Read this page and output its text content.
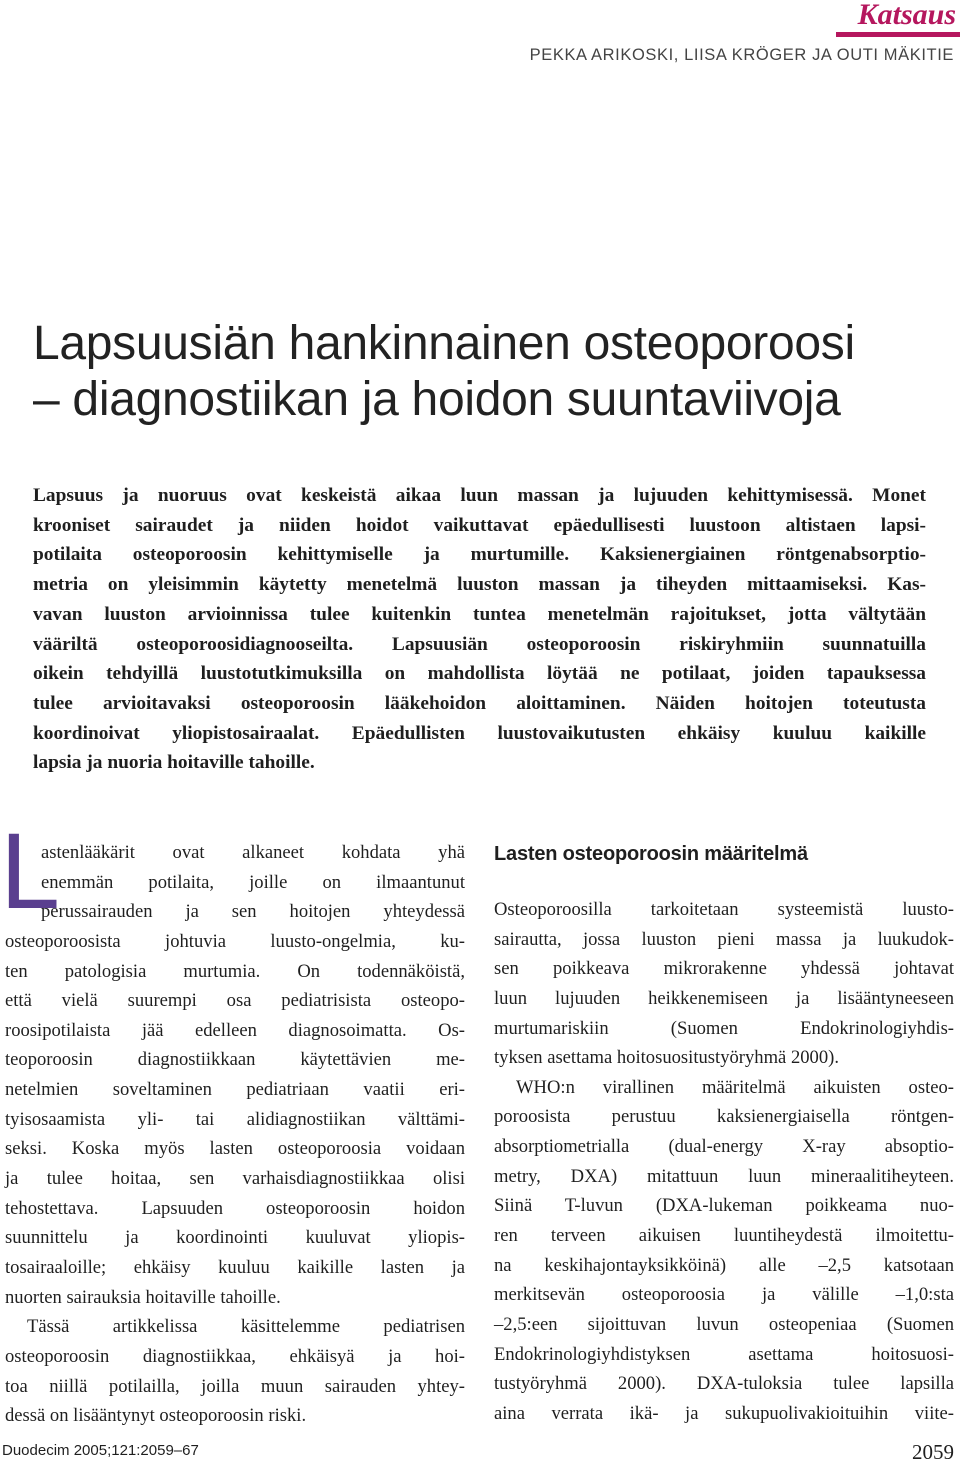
Katsaus
PEKKA ARIKOSKI, LIISA KRÖGER JA OUTI MÄKITIE
Lapsuusiän hankinnainen osteoporoosi
– diagnostiikan ja hoidon suuntaviivoja
Lapsuus ja nuoruus ovat keskeistä aikaa luun massan ja lujuuden kehittymisessä. Monet
krooniset sairaudet ja niiden hoidot vaikuttavat epäedullisesti luustoon altistaen lapsi-
potilaita osteoporoosin kehittymiselle ja murtumille. Kaksienergiainen röntgenabsorptio-
metria on yleisimmin käytetty menetelmä luuston massan ja tiheyden mittaamiseksi. Kas-
vavan luuston arvioinnissa tulee kuitenkin tuntea menetelmän rajoitukset, jotta vältytään
vääriltä osteoporoosidiagnooseilta. Lapsuusiän osteoporoosin riskiryhmiin suunnatuilla
oikein tehdyillä luustotutkimuksilla on mahdollista löytää ne potilaat, joiden tapauksessa
tulee arvioitavaksi osteoporoosin lääkehoidon aloittaminen. Näiden hoitojen toteutusta
koordinoivat yliopistosairaalat. Epäedullisten luustovaikutusten ehkäisy kuuluu kaikille
lapsia ja nuoria hoitaville tahoille.
L
astenlääkärit ovat alkaneet kohdata yhä
enemmän potilaita, joille on ilmaantunut
perussairauden ja sen hoitojen yhteydessä
osteoporoosista johtuvia luusto-ongelmia, ku-
ten patologisia murtumia. On todennäköistä,
että vielä suurempi osa pediatrisista osteopo-
roosipotilaista jää edelleen diagnosoimatta. Os-
teoporoosin diagnostiikkaan käytettävien me-
netelmien soveltaminen pediatriaan vaatii eri-
tyisosaamista yli- tai alidiagnostiikan välttämi-
seksi. Koska myös lasten osteoporoosia voidaan
ja tulee hoitaa, sen varhaisdiagnostiikkaa olisi
tehostettava. Lapsuuden osteoporoosin hoidon
suunnittelu ja koordinointi kuuluvat yliopis-
tosairaaloille; ehkäisy kuuluu kaikille lasten ja
nuorten sairauksia hoitaville tahoille.
Tässä artikkelissa käsittelemme pediatrisen
osteoporoosin diagnostiikkaa, ehkäisyä ja hoi-
toa niillä potilailla, joilla muun sairauden yhtey-
dessä on lisääntynyt osteoporoosin riski.
Lasten osteoporoosin määritelmä
Osteoporoosilla tarkoitetaan systeemistä luusto-
sairautta, jossa luuston pieni massa ja luukudok-
sen poikkeava mikrorakenne yhdessä johtavat
luun lujuuden heikkenemiseen ja lisääntyneeseen
murtumariskiin (Suomen Endokrinologiyhdis-
tyksen asettama hoitosuositustyöryhmä 2000).
WHO:n virallinen määritelmä aikuisten osteo-
poroosista perustuu kaksienergiaisella röntgen-
absorptiometrialla (dual-energy X-ray absoptio-
metry, DXA) mitattuun luun mineraalitiheyteen.
Siinä T-luvun (DXA-lukeman poikkeama nuo-
ren terveen aikuisen luuntiheydestä ilmoitettu-
na keskihajontayksikköinä) alle –2,5 katsotaan
merkitsevän osteoporoosia ja välille –1,0:sta
–2,5:een sijoittuvan luvun osteopeniaa (Suomen
Endokrinologiyhdistyksen asettama hoitosuosi-
tustyöryhmä 2000). DXA-tuloksia tulee lapsilla
aina verrata ikä- ja sukupuolivakioituihin viite-
Duodecim 2005;121:2059–67	2059
